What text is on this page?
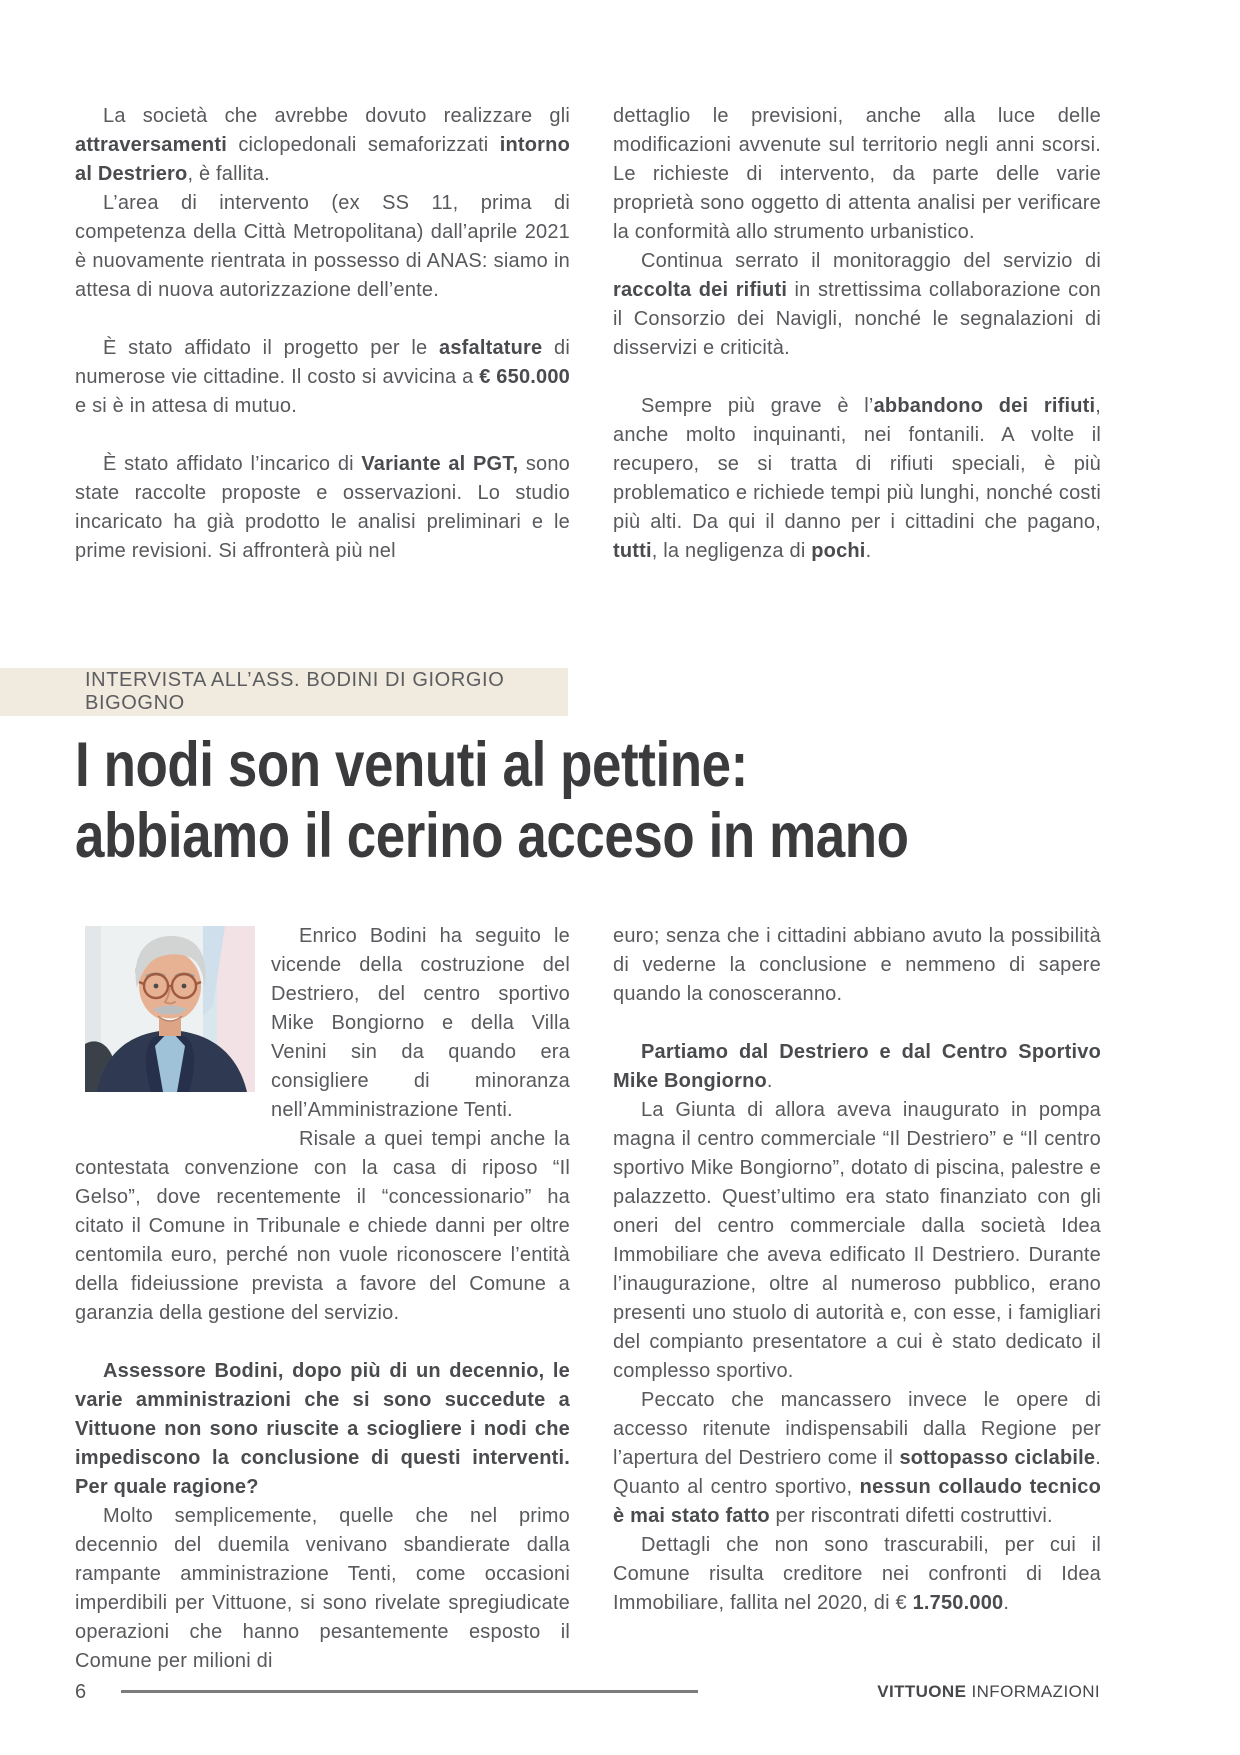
La società che avrebbe dovuto realizzare gli attraversamenti ciclopedonali semaforizzati intorno al Destriero, è fallita.

L’area di intervento (ex SS 11, prima di competenza della Città Metropolitana) dall’aprile 2021 è nuovamente rientrata in possesso di ANAS: siamo in attesa di nuova autorizzazione dell’ente.

È stato affidato il progetto per le asfaltature di numerose vie cittadine. Il costo si avvicina a € 650.000 e si è in attesa di mutuo.

È stato affidato l’incarico di Variante al PGT, sono state raccolte proposte e osservazioni. Lo studio incaricato ha già prodotto le analisi preliminari e le prime revisioni. Si affronterà più nel

dettaglio le previsioni, anche alla luce delle modificazioni avvenute sul territorio negli anni scorsi. Le richieste di intervento, da parte delle varie proprietà sono oggetto di attenta analisi per verificare la conformità allo strumento urbanistico.

Continua serrato il monitoraggio del servizio di raccolta dei rifiuti in strettissima collaborazione con il Consorzio dei Navigli, nonché le segnalazioni di disservizi e criticità.

Sempre più grave è l’abbandono dei rifiuti, anche molto inquinanti, nei fontanili. A volte il recupero, se si tratta di rifiuti speciali, è più problematico e richiede tempi più lunghi, nonché costi più alti. Da qui il danno per i cittadini che pagano, tutti, la negligenza di pochi.

INTERVISTA ALL’ASS. BODINI DI GIORGIO BIGOGNO
I nodi son venuti al pettine:
abbiamo il cerino acceso in mano

Enrico Bodini ha seguito le vicende della costruzione del Destriero, del centro sportivo Mike Bongiorno e della Villa Venini sin da quando era consigliere di minoranza nell’Amministrazione Tenti.

Risale a quei tempi anche la contestata convenzione con la casa di riposo “Il Gelso”, dove recentemente il “concessionario” ha citato il Comune in Tribunale e chiede danni per oltre centomila euro, perché non vuole riconoscere l’entità della fideiussione prevista a favore del Comune a garanzia della gestione del servizio.

Assessore Bodini, dopo più di un decennio, le varie amministrazioni che si sono succedute a Vittuone non sono riuscite a sciogliere i nodi che impediscono la conclusione di questi interventi. Per quale ragione?

Molto semplicemente, quelle che nel primo decennio del duemila venivano sbandierate dalla rampante amministrazione Tenti, come occasioni imperdibili per Vittuone, si sono rivelate spregiudicate operazioni che hanno pesantemente esposto il Comune per milioni di

euro; senza che i cittadini abbiano avuto la possibilità di vederne la conclusione e nemmeno di sapere quando la conosceranno.

Partiamo dal Destriero e dal Centro Sportivo Mike Bongiorno.

La Giunta di allora aveva inaugurato in pompa magna il centro commerciale “Il Destriero” e “Il centro sportivo Mike Bongiorno”, dotato di piscina, palestre e palazzetto. Quest’ultimo era stato finanziato con gli oneri del centro commerciale dalla società Idea Immobiliare che aveva edificato Il Destriero. Durante l’inaugurazione, oltre al numeroso pubblico, erano presenti uno stuolo di autorità e, con esse, i famigliari del compianto presentatore a cui è stato dedicato il complesso sportivo.

Peccato che mancassero invece le opere di accesso ritenute indispensabili dalla Regione per l’apertura del Destriero come il sottopasso ciclabile. Quanto al centro sportivo, nessun collaudo tecnico è mai stato fatto per riscontrati difetti costruttivi.

Dettagli che non sono trascurabili, per cui il Comune risulta creditore nei confronti di Idea Immobiliare, fallita nel 2020, di € 1.750.000.

6	VITTUONE INFORMAZIONI
